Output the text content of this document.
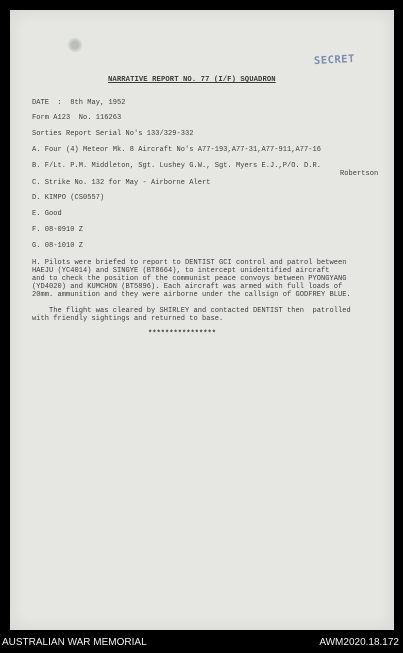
SECRET
NARRATIVE REPORT NO. 77 (I/F) SQUADRON
DATE  :  8th May, 1952
Form A123  No. 116263
Sorties Report Serial No's 133/329-332
A. Four (4) Meteor Mk. 8 Aircraft No's A77-193,A77-31,A77-911,A77-16
B. F/Lt. P.M. Middleton, Sgt. Lushey G.W., Sgt. Myers E.J.,P/O. D.R.
Robertson
C. Strike No. 132 for May - Airborne Alert
D. KIMPO (CS0557)
E. Good
F. 08-0910 Z
G. 08-1010 Z
H. Pilots were briefed to report to DENTIST GCI control and patrol between
HAEJU (YC4014) and SINGYE (BT8664), to intercept unidentified aircraft
and to check the position of the communist peace convoys between PYONGYANG
(YD4020) and KUMCHON (BT5896). Each aircraft was armed with full loads of
20mm. ammunition and they were airborne under the callsign of GODFREY BLUE.
The flight was cleared by SHIRLEY and contacted DENTIST then  patrolled
with friendly sightings and returned to base.
****************
AUSTRALIAN WAR MEMORIAL	AWM2020.18.172
